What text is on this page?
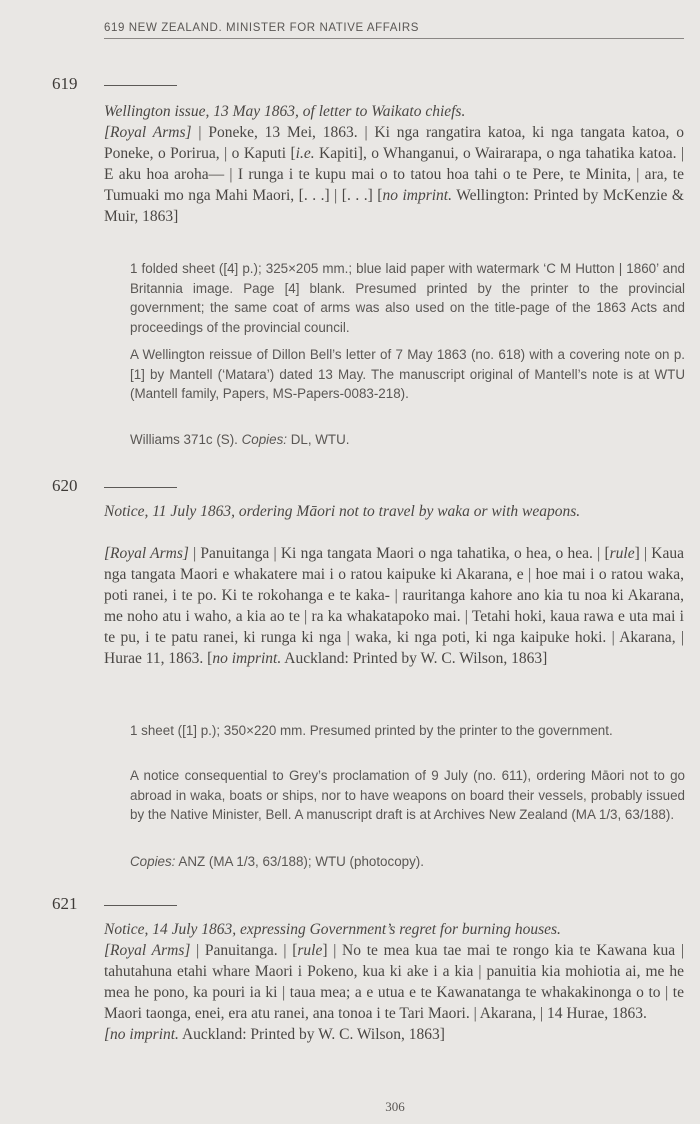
619 NEW ZEALAND. MINISTER FOR NATIVE AFFAIRS
619
Wellington issue, 13 May 1863, of letter to Waikato chiefs.
[Royal Arms] | Poneke, 13 Mei, 1863. | Ki nga rangatira katoa, ki nga tangata katoa, o Poneke, o Porirua, | o Kaputi [i.e. Kapiti], o Whanganui, o Wairarapa, o nga tahatika katoa. | E aku hoa aroha— | I runga i te kupu mai o to tatou hoa tahi o te Pere, te Minita, | ara, te Tumuaki mo nga Mahi Maori, [. . .] | [. . .] [no imprint. Wellington: Printed by McKenzie & Muir, 1863]
1 folded sheet ([4] p.); 325×205 mm.; blue laid paper with watermark ‘C M Hutton | 1860’ and Britannia image. Page [4] blank. Presumed printed by the printer to the provincial government; the same coat of arms was also used on the title-page of the 1863 Acts and proceedings of the provincial council.
A Wellington reissue of Dillon Bell’s letter of 7 May 1863 (no. 618) with a covering note on p. [1] by Mantell (‘Matara’) dated 13 May. The manuscript original of Mantell’s note is at WTU (Mantell family, Papers, MS-Papers-0083-218).
Williams 371c (S). Copies: DL, WTU.
620
Notice, 11 July 1863, ordering Māori not to travel by waka or with weapons.
[Royal Arms] | Panuitanga | Ki nga tangata Maori o nga tahatika, o hea, o hea. | [rule] | Kaua nga tangata Maori e whakatere mai i o ratou kaipuke ki Akarana, e | hoe mai i o ratou waka, poti ranei, i te po. Ki te rokohanga e te kaka- | rauritanga kahore ano kia tu noa ki Akarana, me noho atu i waho, a kia ao te | ra ka whakatapoko mai. | Tetahi hoki, kaua rawa e uta mai i te pu, i te patu ranei, ki runga ki nga | waka, ki nga poti, ki nga kaipuke hoki. | Akarana, | Hurae 11, 1863. [no imprint. Auckland: Printed by W. C. Wilson, 1863]
1 sheet ([1] p.); 350×220 mm. Presumed printed by the printer to the government.
A notice consequential to Grey’s proclamation of 9 July (no. 611), ordering Māori not to go abroad in waka, boats or ships, nor to have weapons on board their vessels, probably issued by the Native Minister, Bell. A manuscript draft is at Archives New Zealand (MA 1/3, 63/188).
Copies: ANZ (MA 1/3, 63/188); WTU (photocopy).
621
Notice, 14 July 1863, expressing Government’s regret for burning houses.
[Royal Arms] | Panuitanga. | [rule] | No te mea kua tae mai te rongo kia te Kawana kua | tahutahuna etahi whare Maori i Pokeno, kua ki ake i a kia | panuitia kia mohiotia ai, me he mea he pono, ka pouri ia ki | taua mea; a e utua e te Kawanatanga te whakakinonga o to | te Maori taonga, enei, era atu ranei, ana tonoa i te Tari Maori. | Akarana, | 14 Hurae, 1863.
[no imprint. Auckland: Printed by W. C. Wilson, 1863]
306
